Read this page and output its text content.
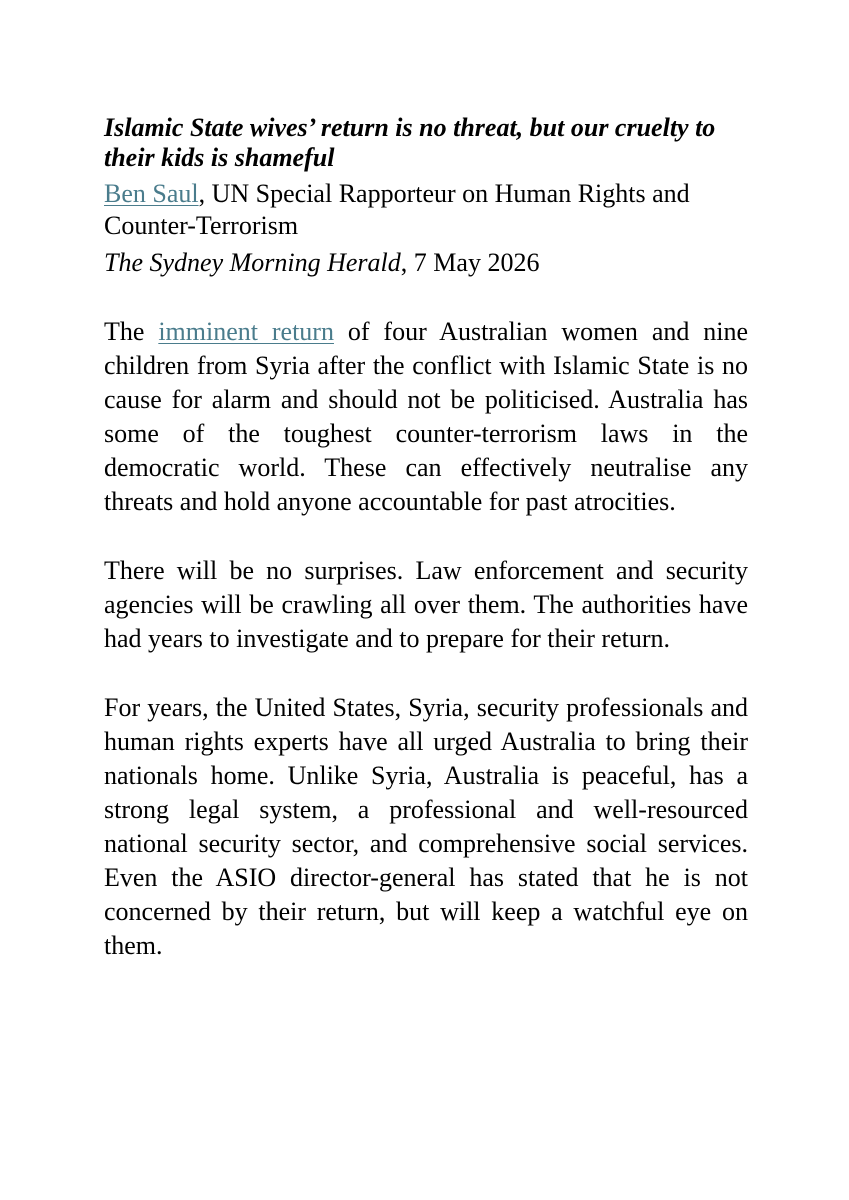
Islamic State wives’ return is no threat, but our cruelty to their kids is shameful
Ben Saul, UN Special Rapporteur on Human Rights and Counter-Terrorism
The Sydney Morning Herald, 7 May 2026

The imminent return of four Australian women and nine children from Syria after the conflict with Islamic State is no cause for alarm and should not be politicised. Australia has some of the toughest counter-terrorism laws in the democratic world. These can effectively neutralise any threats and hold anyone accountable for past atrocities.

There will be no surprises. Law enforcement and security agencies will be crawling all over them. The authorities have had years to investigate and to prepare for their return.

For years, the United States, Syria, security professionals and human rights experts have all urged Australia to bring their nationals home. Unlike Syria, Australia is peaceful, has a strong legal system, a professional and well-resourced national security sector, and comprehensive social services. Even the ASIO director-general has stated that he is not concerned by their return, but will keep a watchful eye on them.
